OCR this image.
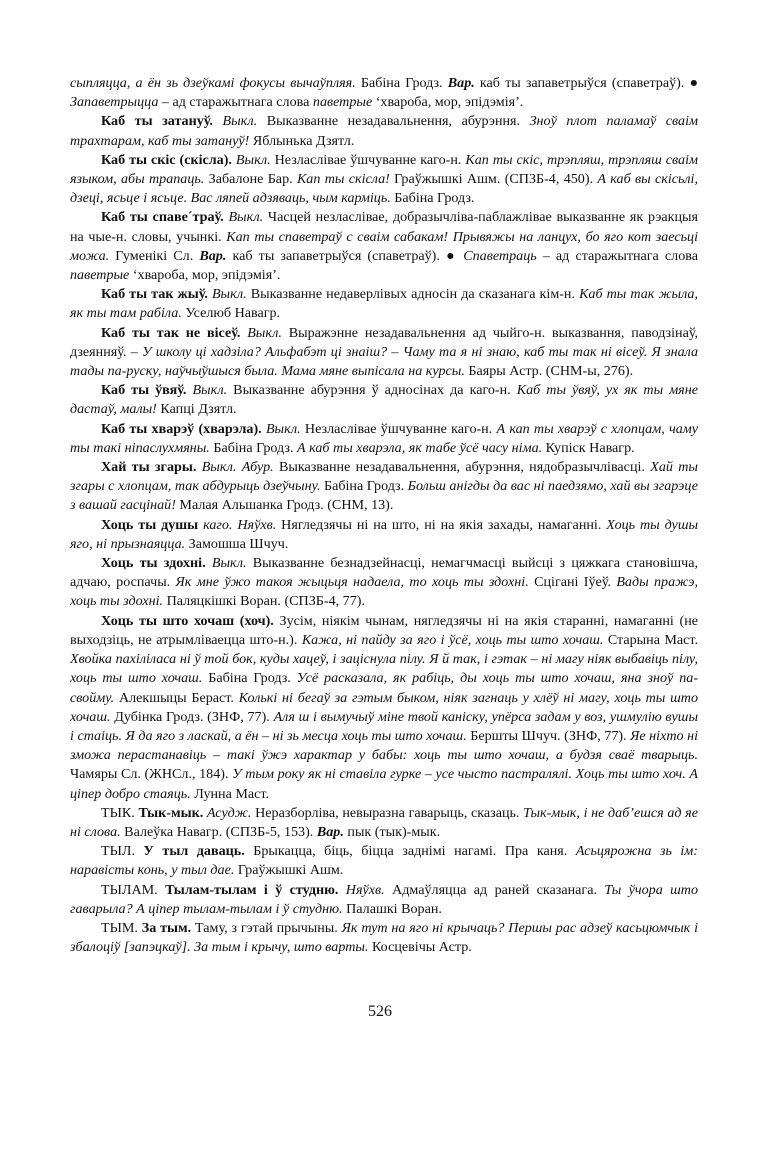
сыпляцца, а ён зь дзеўкамі фокусы вычаўпляя. Бабіна Гродз. Вар. каб ты запаветрыўся (спаветраў). ● Запаветрыцца – ад старажытнага слова паветрые ‘хвароба, мор, эпідэмія’.

Каб ты затануў. Выкл. Выказванне незадавальнення, абурэння. Зноў плот паламаў сваім трахтарам, каб ты затануў! Яблынька Дзятл.

Каб ты скіс (скісла). Выкл. Незласлівае ўшчуванне каго-н. Кап ты скіс, трэпляш, трэпляш сваім языком, абы трапаць. Забалоне Бар. Кап ты скісла! Граўжышкі Ашм. (СПЗБ-4, 450). А каб вы скісьлі, дзеці, ясьце і ясьце. Вас ляпей адзяваць, чым карміць. Бабіна Гродз.

Каб ты спаве´траў. Выкл. Часцей незласлівае, добразычліва-паблажлівае выказванне як рэакцыя на чые-н. словы, учынкі. Кап ты спаветраў с сваім сабакам! Прывяжы на ланцух, бо яго кот заесьці можа. Гуменікі Сл. Вар. каб ты запаветрыўся (спаветраў). ● Спаветраць – ад старажытнага слова паветрые ‘хвароба, мор, эпідэмія’.

Каб ты так жыў. Выкл. Выказванне недаверлівых адносін да сказанага кім-н. Каб ты так жыла, як ты там рабіла. Уселюб Навагр.

Каб ты так не вісеў. Выкл. Выражэнне незадавальнення ад чыйго-н. выказвання, паводзінаў, дзеянняў. – У школу ці хадзіла? Альфабэт ці знаіш? – Чаму та я ні знаю, каб ты так ні вісеў. Я знала тады па-руску, наўчыўшыся была. Мама мяне выпісала на курсы. Баяры Астр. (СНМ-ы, 276).

Каб ты ўвяў. Выкл. Выказванне абурэння ў адносінах да каго-н. Каб ты ўвяў, ух як ты мяне дастаў, малы! Капці Дзятл.

Каб ты хварэў (хварэла). Выкл. Незласлівае ўшчуванне каго-н. А кап ты хварэў с хлопцам, чаму ты такі ніпаслухмяны. Бабіна Гродз. А каб ты хварэла, як табе ўсё часу німа. Купіск Навагр.

Хай ты згары. Выкл. Абур. Выказванне незадавальнення, абурэння, нядобразычлівасці. Хай ты згары с хлопцам, так абдурыць дзеўчыну. Бабіна Гродз. Больш анігды да вас ні паедзямо, хай вы згарэце з вашай гасцінай! Малая Альшанка Гродз. (СНМ, 13).

Хоць ты душы каго. Няўхв. Нягледзячы ні на што, ні на якія захады, намаганні. Хоць ты душы яго, ні прызнаяцца. Замошша Шчуч.

Хоць ты здохні. Выкл. Выказванне безнадзейнасці, немагчмасці выйсці з цяжкага становішча, адчаю, роспачы. Як мне ўжо такоя жыцьця надаела, то хоць ты здохні. Сцігані Іўеў. Вады пражэ, хоць ты здохні. Паляцкішкі Воран. (СПЗБ-4, 77).

Хоць ты што хочаш (хоч). Зусім, ніякім чынам, нягледзячы ні на якія старанні, намаганні (не выходзіць, не атрымліваецца што-н.). Кажа, ні пайду за яго і ўсё, хоць ты што хочаш. Старына Маст. Хвойка пахіліласа ні ў той бок, куды хацеў, і заціснула пілу. Я й так, і гэтак – ні магу ніяк выбавіць пілу, хоць ты што хочаш. Бабіна Гродз. Усё расказала, як рабіць, ды хоць ты што хочаш, яна зноў па-свойму. Алекшыцы Бераст. Колькі ні бегаў за гэтым быком, ніяк загнаць у хлёў ні магу, хоць ты што хочаш. Дубінка Гродз. (ЗНФ, 77). Аля ш і вымучыў міне твой каніску, упёрса задам у воз, ушмулію вушы і стаіць. Я да яго з ласкай, а ён – ні зь месца хоць ты што хочаш. Бершты Шчуч. (ЗНФ, 77). Яе ніхто ні зможа перастанавіць – такі ўжэ характар у бабы: хоць ты што хочаш, а будзя сваё тварыць. Чамяры Сл. (ЖНСл., 184). У тым року як ні ставіла гурке – усе чысто пастралялі. Хоць ты што хоч. А ціпер добро стаяць. Лунна Маст.

ТЫК. Тык-мык. Асудж. Неразборліва, невыразна гаварыць, сказаць. Тык-мык, і не даб’ешся ад яе ні слова. Валеўка Навагр. (СПЗБ-5, 153). Вар. пык (тык)-мык.

ТЫЛ. У тыл даваць. Брыкацца, біць, біцца заднімі нагамі. Пра каня. Асьцярожна зь ім: наравісты конь, у тыл дае. Граўжышкі Ашм.

ТЫЛАМ. Тылам-тылам і ў студню. Няўхв. Адмаўляцца ад раней сказанага. Ты ўчора што гаварыла? А ціпер тылам-тылам і ў студню. Палашкі Воран.

ТЫМ. За тым. Таму, з гэтай прычыны. Як тут на яго ні крычаць? Першы рас адзеў касьцюмчык і збалоціў [запэцкаў]. За тым і крычу, што варты. Косцевічы Астр.

526
